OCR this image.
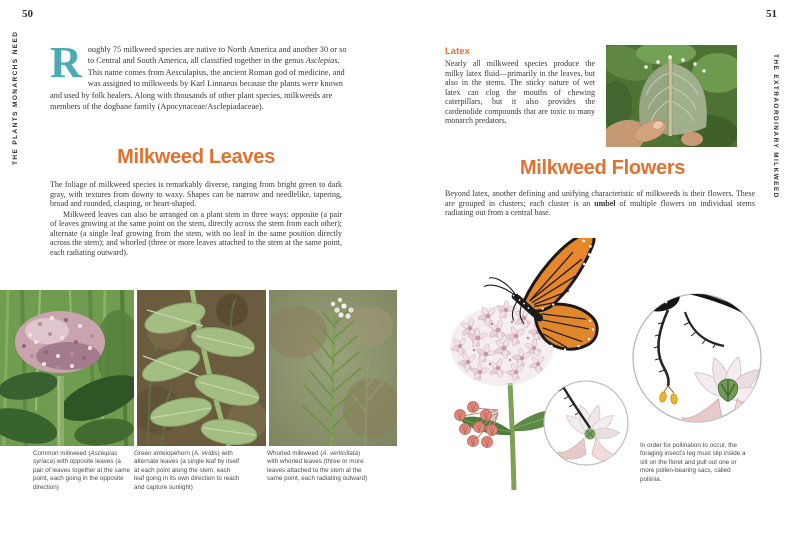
50
THE PLANTS MONARCHS NEED Roughly 75 milkweed species are native to North America and another 30 or so to Central and South America, all classified together in the genus Asclepias. This name comes from Aesculapius, the ancient Roman god of medicine, and was assigned to milkweeds by Karl Linnaeus because the plants were known and used by folk healers. Along with thousands of other plant species, milkweeds are members of the dogbane family (Apocynaceae/Asclepiadaceae).
Milkweed Leaves

The foliage of milkweed species is remarkably diverse, ranging from bright green to dark gray, with textures from downy to waxy. Shapes can be narrow and needlelike, tapering, broad and rounded, clasping, or heart-shaped.

Milkweed leaves can also be arranged on a plant stem in three ways: opposite (a pair of leaves growing at the same point on the stem, directly across the stem from each other); alternate (a single leaf growing from the stem, with no leaf in the same position directly across the stem); and whorled (three or more leaves attached to the stem at the same point, each radiating outward).

Common milkweed (Asclepias syriaca) with opposite leaves (a pair of leaves together at the same point, each going in the opposite direction)
Green antelopehorn (A. viridis) with alternate leaves (a single leaf by itself at each point along the stem, each leaf going in its own direction to reach and capture sunlight)
Whorled milkweed (A. verticillata) with whorled leaves (three or more leaves attached to the stem at the same point, each radiating outward)
51
THE EXTRAORDINARY MILKWEED
Latex
Nearly all milkweed species produce the milky latex fluid—primarily in the leaves, but also in the stems. The sticky nature of wet latex can clog the mouths of chewing caterpillars, but it also provides the cardenolide compounds that are toxic to many monarch predators.
Milkweed Flowers
Beyond latex, another defining and unifying characteristic of milkweeds is their flowers. These are grouped in clusters; each cluster is an umbel of multiple flowers on individual stems radiating out from a central base.
In order for pollination to occur, the foraging insect's leg must slip inside a slit on the floret and pull out one or more pollen-bearing sacs, called pollinia.
